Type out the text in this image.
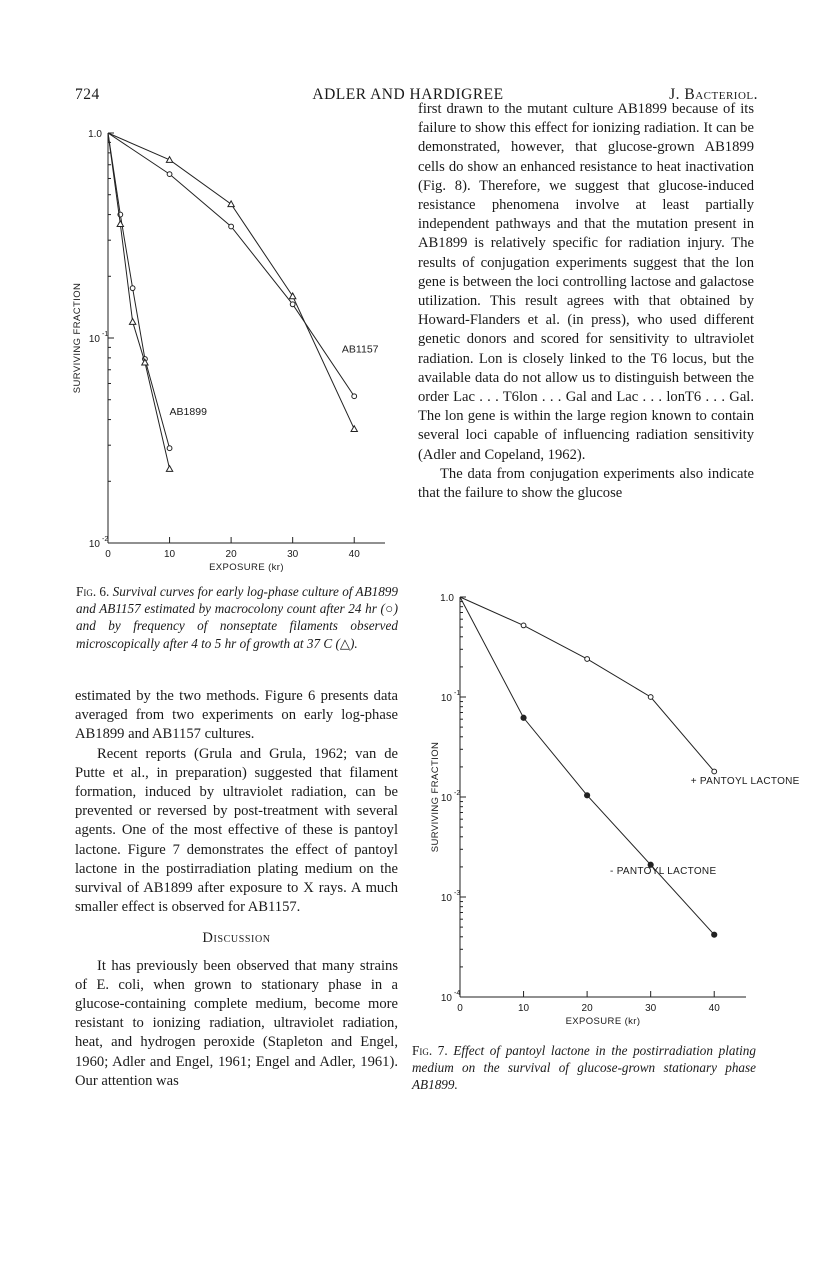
724	ADLER AND HARDIGREE	J. Bacteriol.
1.0
10 -1
10 -2
0	10	20	30	40
EXPOSURE (kr)
SURVIVING FRACTION	AB1157
AB1899
Fig. 6. Survival curves for early log-phase culture of AB1899 and AB1157 estimated by macrocolony count after 24 hr (○) and by frequency of nonseptate filaments observed microscopically after 4 to 5 hr of growth at 37 C (△).

first drawn to the mutant culture AB1899 because of its failure to show this effect for ionizing radiation. It can be demonstrated, however, that glucose-grown AB1899 cells do show an enhanced resistance to heat inactivation (Fig. 8). Therefore, we suggest that glucose-induced resistance phenomena involve at least partially independent pathways and that the mutation present in AB1899 is relatively specific for radiation injury. The results of conjugation experiments suggest that the lon gene is between the loci controlling lactose and galactose utilization. This result agrees with that obtained by Howard-Flanders et al. (in press), who used different genetic donors and scored for sensitivity to ultraviolet radiation. Lon is closely linked to the T6 locus, but the available data do not allow us to distinguish between the order Lac . . . T6lon . . . Gal and Lac . . . lonT6 . . . Gal. The lon gene is within the large region known to contain several loci capable of influencing radiation sensitivity (Adler and Copeland, 1962).

The data from conjugation experiments also indicate that the failure to show the glucose

estimated by the two methods. Figure 6 presents data averaged from two experiments on early log-phase AB1899 and AB1157 cultures.

Recent reports (Grula and Grula, 1962; van de Putte et al., in preparation) suggested that filament formation, induced by ultraviolet radiation, can be prevented or reversed by post-treatment with several agents. One of the most effective of these is pantoyl lactone. Figure 7 demonstrates the effect of pantoyl lactone in the postirradiation plating medium on the survival of AB1899 after exposure to X rays. A much smaller effect is observed for AB1157.

Discussion

It has previously been observed that many strains of E. coli, when grown to stationary phase in a glucose-containing complete medium, become more resistant to ionizing radiation, ultraviolet radiation, heat, and hydrogen peroxide (Stapleton and Engel, 1960; Adler and Engel, 1961; Engel and Adler, 1961). Our attention was

1.0
10 -1
10 -2
10 -3
10 -4
0	10	20	30	40
EXPOSURE (kr)
SURVIVING FRACTION	+ PANTOYL LACTONE
- PANTOYL LACTONE
Fig. 7. Effect of pantoyl lactone in the postirradiation plating medium on the survival of glucose-grown stationary phase AB1899.
